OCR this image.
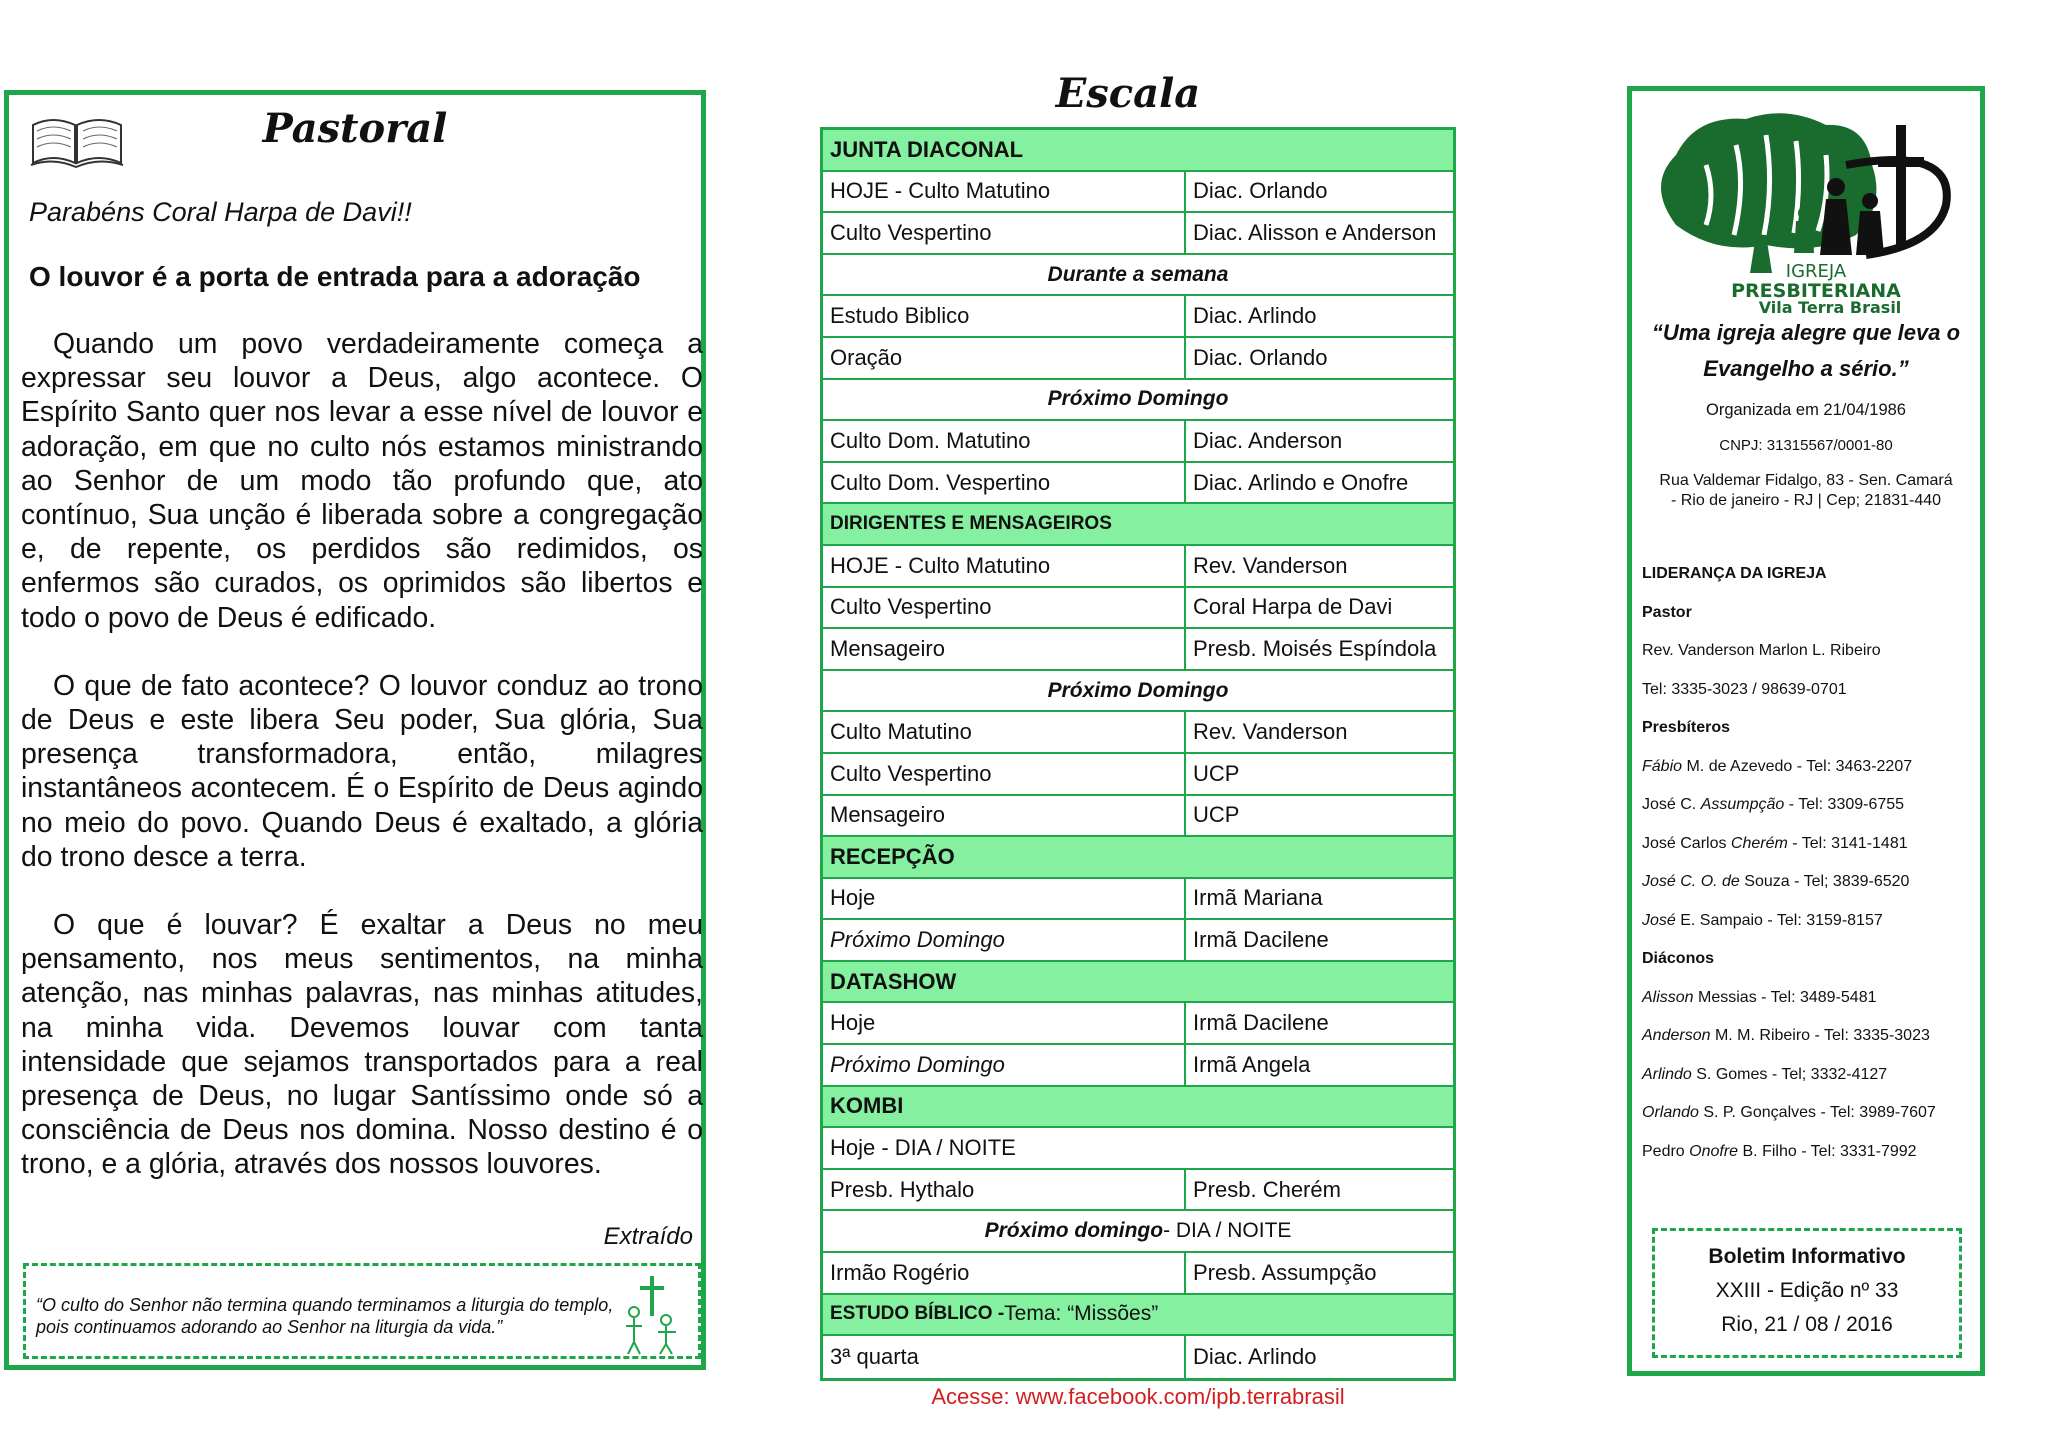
Pastoral
Parabéns Coral Harpa de Davi!!
O louvor é a porta de entrada para a adoração

Quando um povo verdadeiramente começa a expressar seu louvor a Deus, algo acontece. O Espírito Santo quer nos levar a esse nível de louvor e adoração, em que no culto nós estamos ministrando ao Senhor de um modo tão profundo que, ato contínuo, Sua unção é liberada sobre a congregação e, de repente, os perdidos são redimidos, os enfermos são curados, os oprimidos são libertos e todo o povo de Deus é edificado.

O que de fato acontece? O louvor conduz ao trono de Deus e este libera Seu poder, Sua glória, Sua presença transformadora, então, milagres instantâneos acontecem. É o Espírito de Deus agindo no meio do povo. Quando Deus é exaltado, a glória do trono desce a terra.

O que é louvar? É exaltar a Deus no meu pensamento, nos meus sentimentos, na minha atenção, nas minhas palavras, nas minhas atitudes, na minha vida. Devemos louvar com tanta intensidade que sejamos transportados para a real presença de Deus, no lugar Santíssimo onde só a consciência de Deus nos domina. Nosso destino é o trono, e a glória, através dos nossos louvores.

Extraído
“O culto do Senhor não termina quando terminamos a liturgia do templo, pois continuamos adorando ao Senhor na liturgia da vida.”
Escala
JUNTA DIACONAL
HOJE - Culto Matutino	Diac. Orlando
Culto Vespertino	Diac. Alisson e Anderson
Durante a semana
Estudo Biblico	Diac. Arlindo
Oração	Diac. Orlando
Próximo Domingo
Culto Dom. Matutino	Diac. Anderson
Culto Dom. Vespertino	Diac. Arlindo e Onofre
DIRIGENTES E MENSAGEIROS
HOJE - Culto Matutino	Rev. Vanderson
Culto Vespertino	Coral Harpa de Davi
Mensageiro	Presb. Moisés Espíndola
Próximo Domingo
Culto Matutino	Rev. Vanderson
Culto Vespertino	UCP
Mensageiro	UCP
RECEPÇÃO
Hoje	Irmã Mariana
Próximo Domingo	Irmã Dacilene
DATASHOW
Hoje	Irmã Dacilene
Próximo Domingo	Irmã Angela
KOMBI
Hoje - DIA / NOITE
Presb. Hythalo	Presb. Cherém
Próximo domingo - DIA / NOITE
Irmão Rogério	Presb. Assumpção
ESTUDO BÍBLICO - Tema: “Missões”
3ª quarta	Diac. Arlindo
Acesse: www.facebook.com/ipb.terrabrasil
IGREJA
PRESBITERIANA
Vila Terra Brasil
“Uma igreja alegre que leva o
Evangelho a sério.”
Organizada em 21/04/1986
CNPJ: 31315567/0001-80
Rua Valdemar Fidalgo, 83 - Sen. Camará
- Rio de janeiro - RJ | Cep; 21831-440
LIDERANÇA DA IGREJA
Pastor
Rev. Vanderson Marlon L. Ribeiro
Tel: 3335-3023 / 98639-0701
Presbíteros
Fábio M. de Azevedo - Tel: 3463-2207
José C. Assumpção - Tel: 3309-6755
José Carlos Cherém - Tel: 3141-1481
José C. O. de Souza - Tel; 3839-6520
José E. Sampaio - Tel: 3159-8157
Diáconos
Alisson Messias - Tel: 3489-5481
Anderson M. M. Ribeiro - Tel: 3335-3023
Arlindo S. Gomes - Tel; 3332-4127
Orlando S. P. Gonçalves - Tel: 3989-7607
Pedro Onofre B. Filho - Tel: 3331-7992
Boletim Informativo
XXIII - Edição nº 33
Rio, 21 / 08 / 2016
